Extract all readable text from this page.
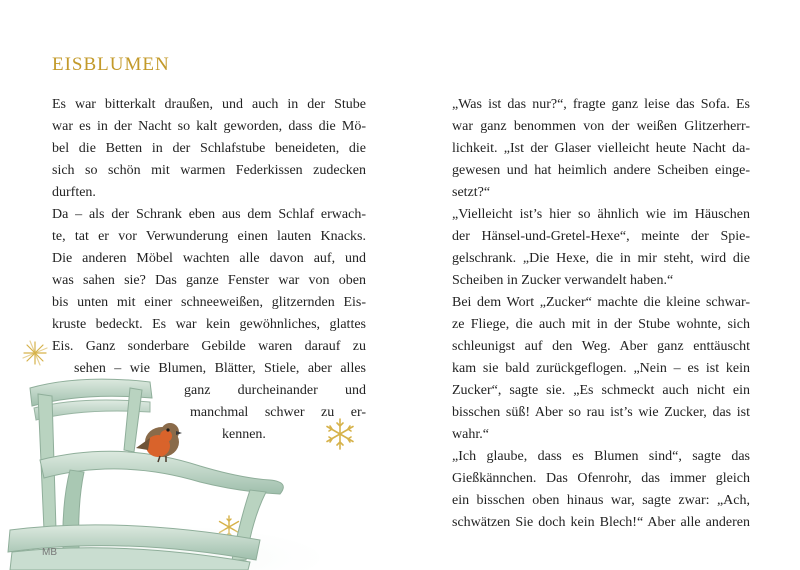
EISBLUMEN
Es war bitterkalt draußen, und auch in der Stube
war es in der Nacht so kalt geworden, dass die Mö-
bel die Betten in der Schlafstube beneideten, die
sich so schön mit warmen Federkissen zudecken
durften.
Da – als der Schrank eben aus dem Schlaf erwach-
te, tat er vor Verwunderung einen lauten Knacks.
Die anderen Möbel wachten alle davon auf, und
was sahen sie? Das ganze Fenster war von oben
bis unten mit einer schneeweißen, glitzernden Eis-
kruste bedeckt. Es war kein gewöhnliches, glattes
Eis. Ganz sonderbare Gebilde waren darauf zu
sehen – wie Blumen, Blätter, Stiele, aber alles
ganz durcheinander und
manchmal schwer zu er-
kennen.
„Was ist das nur?“, fragte ganz leise das Sofa. Es
war ganz benommen von der weißen Glitzerherr-
lichkeit. „Ist der Glaser vielleicht heute Nacht da-
gewesen und hat heimlich andere Scheiben einge-
setzt?“
„Vielleicht ist’s hier so ähnlich wie im Häuschen
der Hänsel-und-Gretel-Hexe“, meinte der Spie-
gelschrank. „Die Hexe, die in mir steht, wird die
Scheiben in Zucker verwandelt haben.“
Bei dem Wort „Zucker“ machte die kleine schwar-
ze Fliege, die auch mit in der Stube wohnte, sich
schleunigst auf den Weg. Aber ganz enttäuscht
kam sie bald zurückgeflogen. „Nein – es ist kein
Zucker“, sagte sie. „Es schmeckt auch nicht ein
bisschen süß! Aber so rau ist’s wie Zucker, das ist
wahr.“
„Ich glaube, dass es Blumen sind“, sagte das
Gießkännchen. Das Ofenrohr, das immer gleich
ein bisschen oben hinaus war, sagte zwar: „Ach,
schwätzen Sie doch kein Blech!“ Aber alle anderen
MB
